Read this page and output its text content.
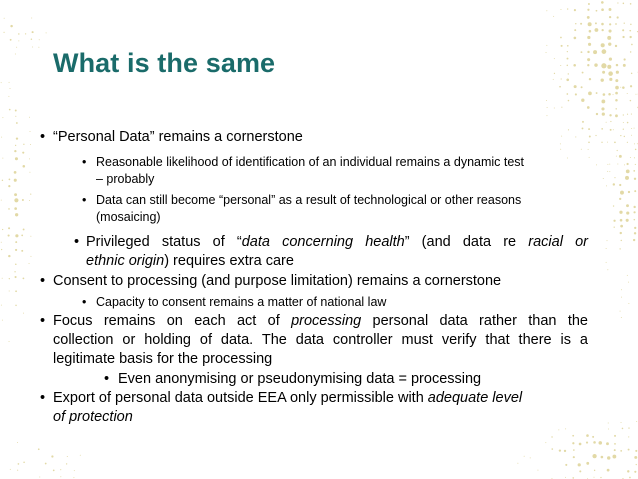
What is the same
• “Personal Data” remains a cornerstone
• Reasonable likelihood of identification of an individual remains a dynamic test
– probably
• Data can still become “personal” as a result of technological or other reasons
(mosaicing)
• Privileged status of “data concerning health” (and data re racial or
ethnic origin) requires extra care
• Consent to processing (and purpose limitation) remains a cornerstone
• Capacity to consent remains a matter of national law
• Focus remains on each act of processing personal data rather than the
collection or holding of data. The data controller must verify that there is a
legitimate basis for the processing
• Even anonymising or pseudonymising data = processing
• Export of personal data outside EEA only permissible with adequate level
of protection
